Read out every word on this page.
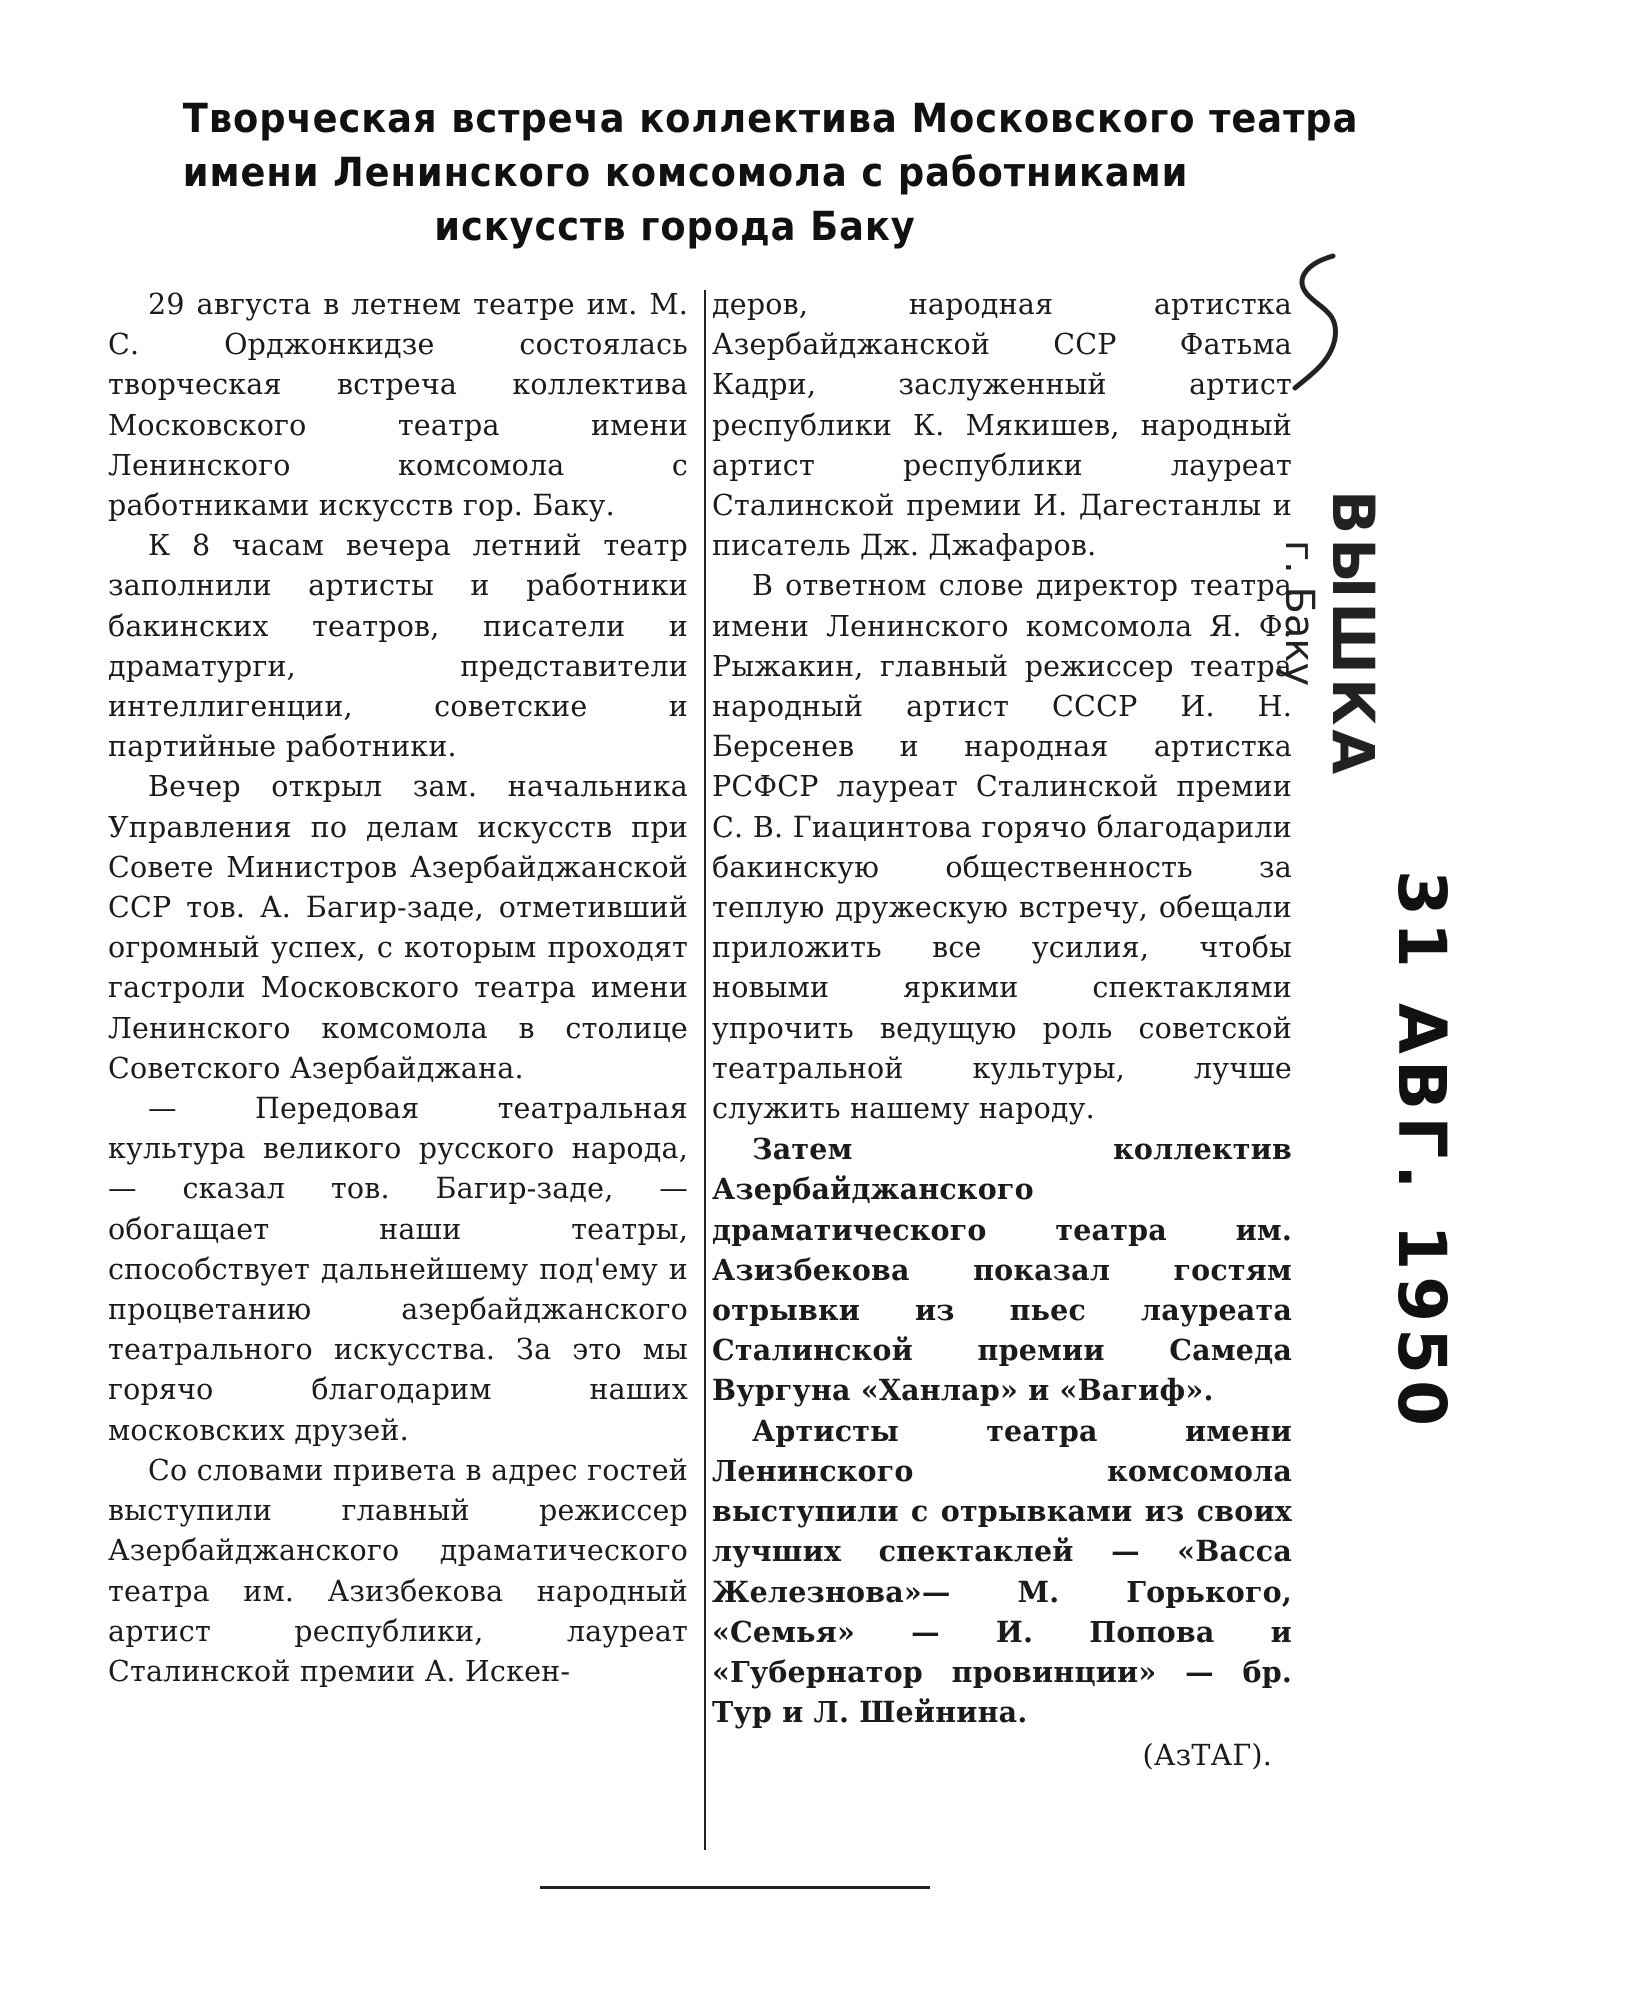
Творческая встреча коллектива Московского театра
имени Ленинского комсомола с работниками
искусств города Баку

29 августа в летнем театре им. М. С. Орджонкидзе состоялась творческая встреча коллектива Московского театра имени Ленинского комсомола с работниками искусств гор. Баку.

К 8 часам вечера летний театр заполнили артисты и работники бакинских театров, писатели и драматурги, представители интеллигенции, советские и партийные работники.

Вечер открыл зам. начальника Управления по делам искусств при Совете Министров Азербайджанской ССР тов. А. Багир-заде, отметивший огромный успех, с которым проходят гастроли Московского театра имени Ленинского комсомола в столице Советского Азербайджана.

— Передовая театральная культура великого русского народа,— сказал тов. Багир-заде, — обогащает наши театры, способствует дальнейшему под'ему и процветанию азербайджанского театрального искусства. За это мы горячо благодарим наших московских друзей.

Со словами привета в адрес гостей выступили главный режиссер Азербайджанского драматического театра им. Азизбекова народный артист республики, лауреат Сталинской премии А. Искен-

деров, народная артистка Азербайджанской ССР Фатьма Кадри, заслуженный артист республики К. Мякишев, народный артист республики лауреат Сталинской премии И. Дагестанлы и писатель Дж. Джафаров.

В ответном слове директор театра имени Ленинского комсомола Я. Ф. Рыжакин, главный режиссер театра народный артист СССР И. Н. Берсенев и народная артистка РСФСР лауреат Сталинской премии С. В. Гиацинтова горячо благодарили бакинскую общественность за теплую дружескую встречу, обещали приложить все усилия, чтобы новыми яркими спектаклями упрочить ведущую роль советской театральной культуры, лучше служить нашему народу.

Затем коллектив Азербайджанского драматического театра им. Азизбекова показал гостям отрывки из пьес лауреата Сталинской премии Самеда Вургуна «Ханлар» и «Вагиф».

Артисты театра имени Ленинского комсомола выступили с отрывками из своих лучших спектаклей — «Васса Железнова»— М. Горького, «Семья» — И. Попова и «Губернатор провинции» — бр. Тур и Л. Шейнина.

(АзТАГ).

ВЫШКА
г. Баку
31 АВГ. 1950
